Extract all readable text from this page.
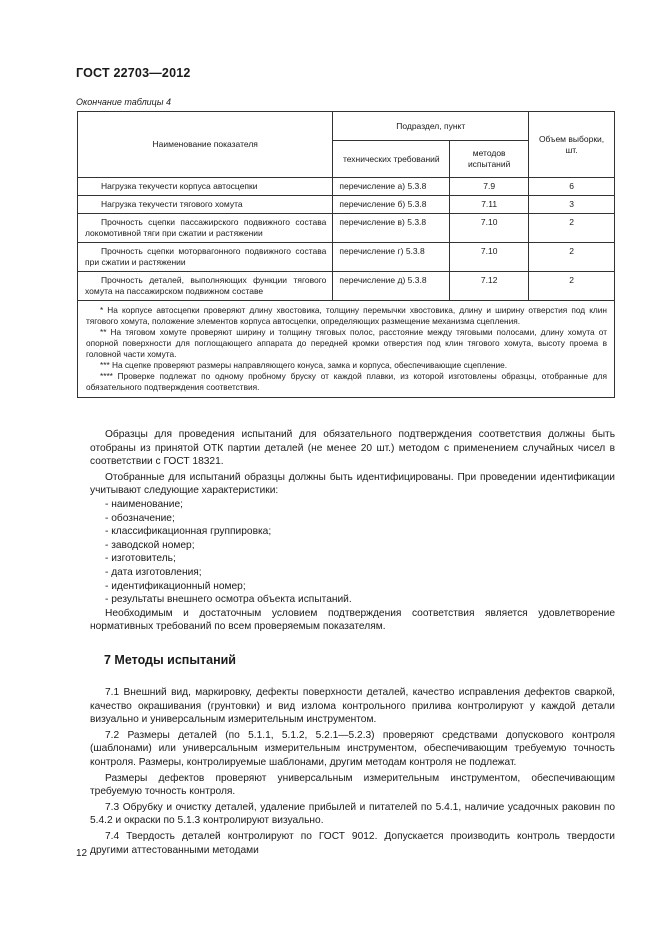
ГОСТ 22703—2012
Окончание таблицы 4
Наименование показателя	Подраздел, пункт		Объем выборки, шт.
	технических требований	методов испытаний	
Нагрузка текучести корпуса автосцепки	перечисление а) 5.3.8	7.9	6
Нагрузка текучести тягового хомута	перечисление б) 5.3.8	7.11	3
Прочность сцепки пассажирского подвижного состава локомотивной тяги при сжатии и растяжении	перечисление в) 5.3.8	7.10	2
Прочность сцепки моторвагонного подвижного состава при сжатии и растяжении	перечисление г) 5.3.8	7.10	2
Прочность деталей, выполняющих функции тягового хомута на пассажирском подвижном составе	перечисление д) 5.3.8	7.12	2

* На корпусе автосцепки проверяют длину хвостовика, толщину перемычки хвостовика, длину и ширину отверстия под клин тягового хомута, положение элементов корпуса автосцепки, определяющих размещение механизма сцепления.
** На тяговом хомуте проверяют ширину и толщину тяговых полос, расстояние между тяговыми полосами, длину хомута от опорной поверхности для поглощающего аппарата до передней кромки отверстия под клин тягового хомута, высоту проема в головной части хомута.
*** На сцепке проверяют размеры направляющего конуса, замка и корпуса, обеспечивающие сцепление.
**** Проверке подлежат по одному пробному бруску от каждой плавки, из которой изготовлены образцы, отобранные для обязательного подтверждения соответствия.			

Образцы для проведения испытаний для обязательного подтверждения соответствия должны быть отобраны из принятой ОТК партии деталей (не менее 20 шт.) методом с применением случайных чисел в соответствии с ГОСТ 18321.

Отобранные для испытаний образцы должны быть идентифицированы. При проведении идентификации учитывают следующие характеристики:

- наименование;
- обозначение;
- классификационная группировка;
- заводской номер;
- изготовитель;
- дата изготовления;
- идентификационный номер;
- результаты внешнего осмотра объекта испытаний.

Необходимым и достаточным условием подтверждения соответствия является удовлетворение нормативных требований по всем проверяемым показателям.

7 Методы испытаний

7.1 Внешний вид, маркировку, дефекты поверхности деталей, качество исправления дефектов сваркой, качество окрашивания (грунтовки) и вид излома контрольного прилива контролируют у каждой детали визуально и универсальным измерительным инструментом.

7.2 Размеры деталей (по 5.1.1, 5.1.2, 5.2.1—5.2.3) проверяют средствами допускового контроля (шаблонами) или универсальным измерительным инструментом, обеспечивающим требуемую точность контроля. Размеры, контролируемые шаблонами, другим методам контроля не подлежат.

Размеры дефектов проверяют универсальным измерительным инструментом, обеспечивающим требуемую точность контроля.

7.3 Обрубку и очистку деталей, удаление прибылей и питателей по 5.4.1, наличие усадочных раковин по 5.4.2 и окраски по 5.1.3 контролируют визуально.

7.4 Твердость деталей контролируют по ГОСТ 9012. Допускается производить контроль твердости другими аттестованными методами

12
